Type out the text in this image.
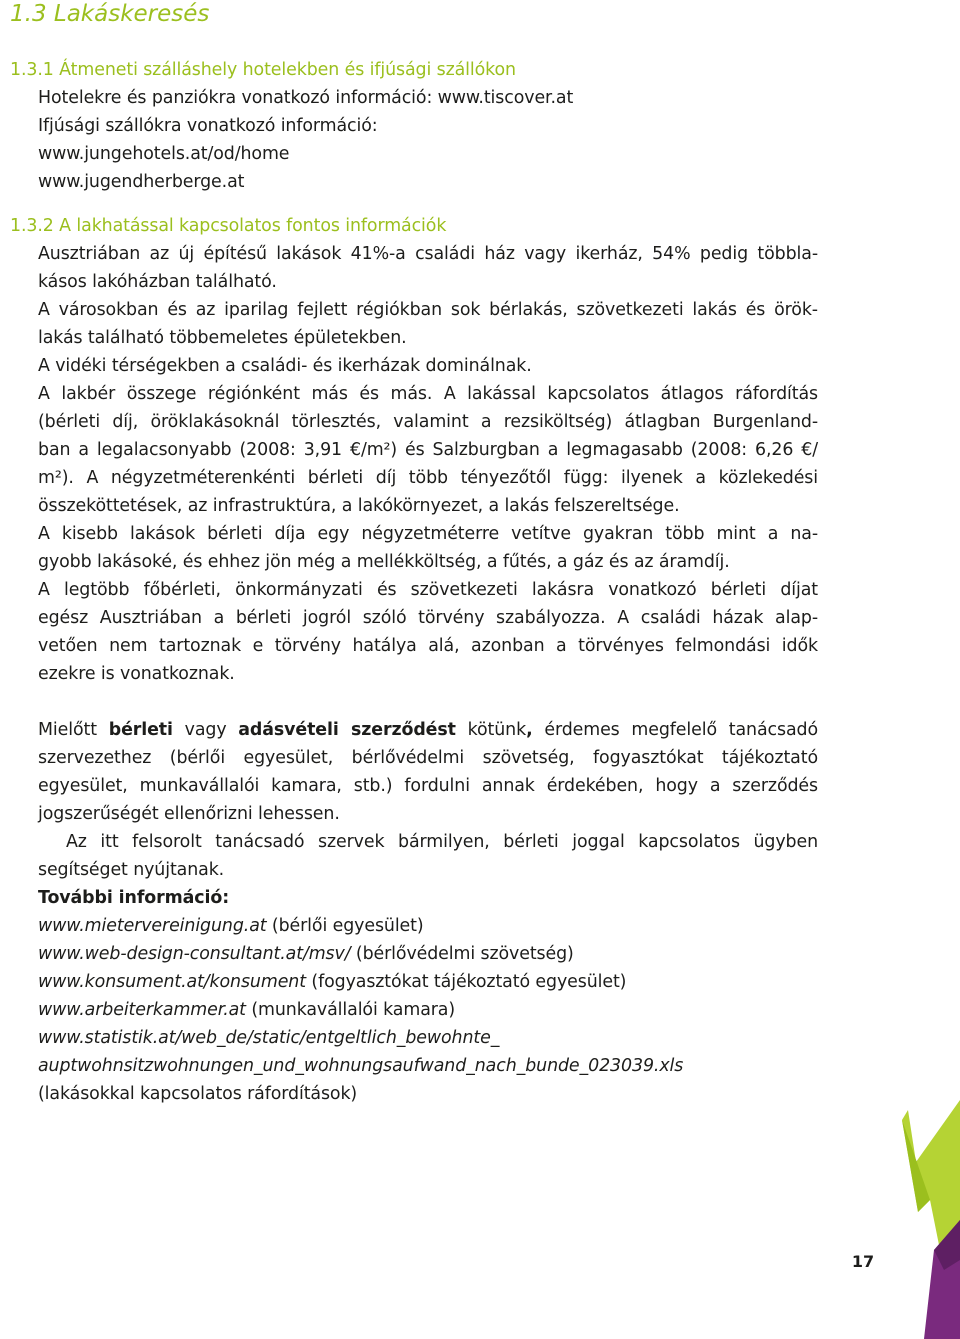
1.3 Lakáskeresés
1.3.1 Átmeneti szálláshely hotelekben és ifjúsági szállókon
Hotelekre és panziókra vonatkozó információ: www.tiscover.at
Ifjúsági szállókra vonatkozó információ:
www.jungehotels.at/od/home
www.jugendherberge.at
1.3.2 A lakhatással kapcsolatos fontos információk
Ausztriában az új építésű lakások 41%-a családi ház vagy ikerház, 54% pedig többla-
kásos lakóházban található.
A városokban és az iparilag fejlett régiókban sok bérlakás, szövetkezeti lakás és örök-
lakás található többemeletes épületekben.
A vidéki térségekben a családi- és ikerházak dominálnak.
A lakbér összege régiónként más és más. A lakással kapcsolatos átlagos ráfordítás
(bérleti díj, öröklakásoknál törlesztés, valamint a rezsiköltség) átlagban Burgenland-
ban a legalacsonyabb (2008: 3,91 €/m²) és Salzburgban a legmagasabb (2008: 6,26 €/
m²). A négyzetméterenkénti bérleti díj több tényezőtől függ: ilyenek a közlekedési
összeköttetések, az infrastruktúra, a lakókörnyezet, a lakás felszereltsége.
A kisebb lakások bérleti díja egy négyzetméterre vetítve gyakran több mint a na-
gyobb lakásoké, és ehhez jön még a mellékköltség, a fűtés, a gáz és az áramdíj.
A legtöbb főbérleti, önkormányzati és szövetkezeti lakásra vonatkozó bérleti díjat
egész Ausztriában a bérleti jogról szóló törvény szabályozza. A családi házak alap-
vetően nem tartoznak e törvény hatálya alá, azonban a törvényes felmondási idők
ezekre is vonatkoznak.
Mielőtt bérleti vagy adásvételi szerződést kötünk, érdemes megfelelő tanácsadó
szervezethez (bérlői egyesület, bérlővédelmi szövetség, fogyasztókat tájékoztató
egyesület, munkavállalói kamara, stb.) fordulni annak érdekében, hogy a szerződés
jogszerűségét ellenőrizni lehessen.
Az itt felsorolt tanácsadó szervek bármilyen, bérleti joggal kapcsolatos ügyben
segítséget nyújtanak.
További információ:
www.mietervereinigung.at (bérlői egyesület)
www.web-design-consultant.at/msv/ (bérlővédelmi szövetség)
www.konsument.at/konsument (fogyasztókat tájékoztató egyesület)
www.arbeiterkammer.at (munkavállalói kamara)
www.statistik.at/web_de/static/entgeltlich_bewohnte_
auptwohnsitzwohnungen_und_wohnungsaufwand_nach_bunde_023039.xls
(lakásokkal kapcsolatos ráfordítások)
17
